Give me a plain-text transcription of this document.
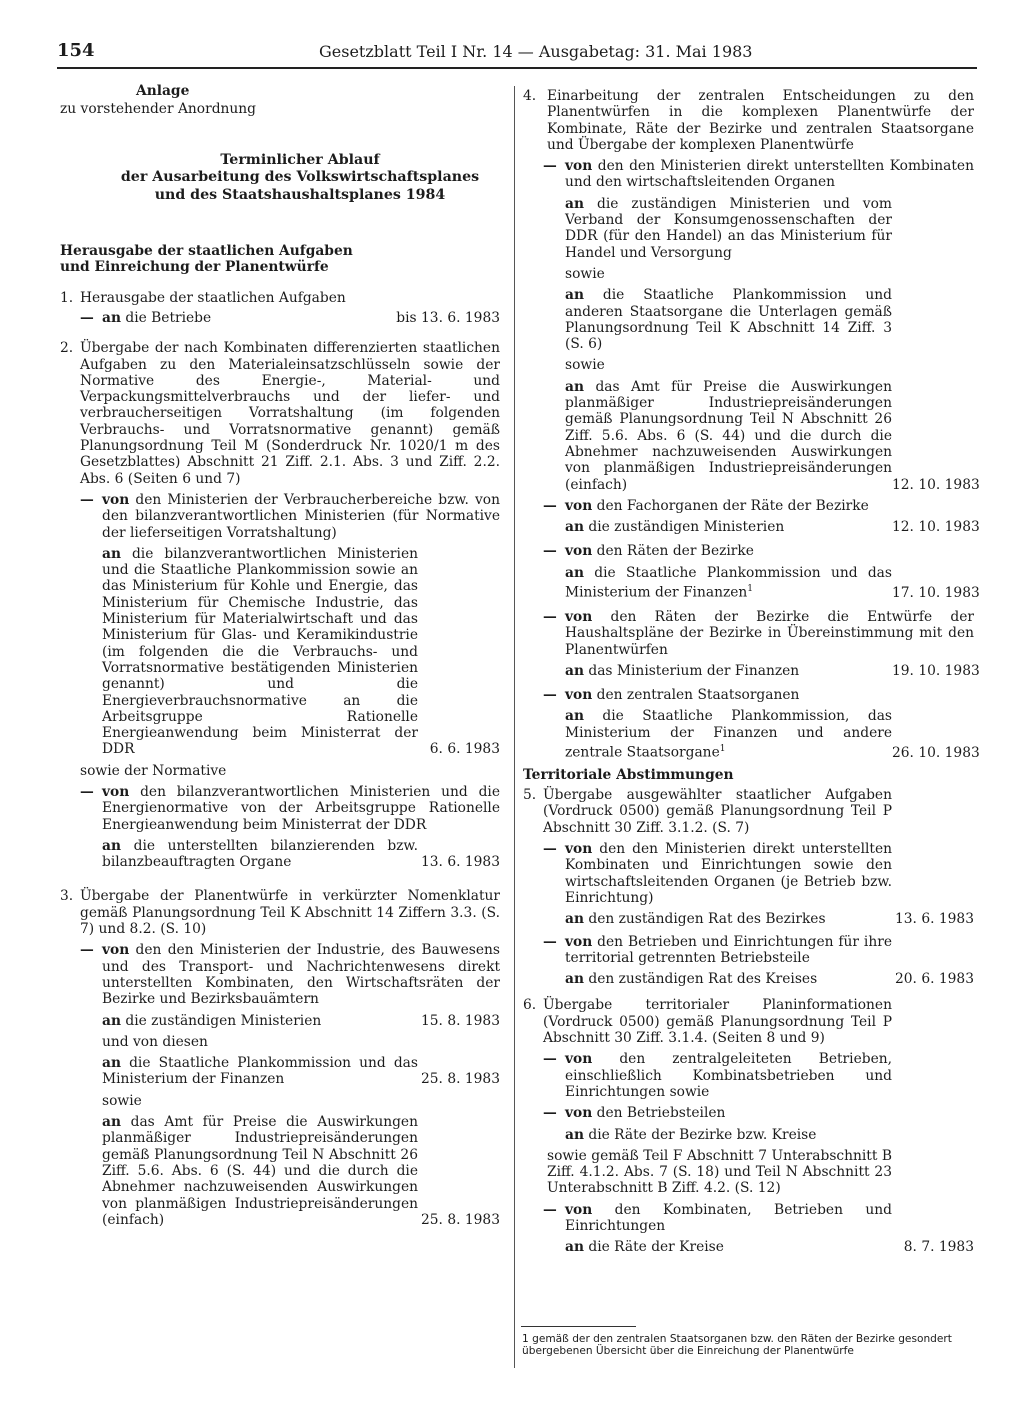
154	Gesetzblatt Teil I Nr. 14 — Ausgabetag: 31. Mai 1983
Anlage
zu vorstehender Anordnung
Terminlicher Ablauf
der Ausarbeitung des Volkswirtschaftsplanes
und des Staatshaushaltsplanes 1984
Herausgabe der staatlichen Aufgaben
und Einreichung der Planentwürfe
1. Herausgabe der staatlichen Aufgaben
— an die Betriebe	bis 13. 6. 1983
2. Übergabe der nach Kombinaten differenzierten staatlichen Aufgaben zu den Materialeinsatzschlüsseln sowie der Normative des Energie-, Material- und Verpackungsmittelverbrauchs und der liefer- und verbraucherseitigen Vorratshaltung (im folgenden Verbrauchs- und Vorratsnormative genannt) gemäß Planungsordnung Teil M (Sonderdruck Nr. 1020/1 m des Gesetzblattes) Abschnitt 21 Ziff. 2.1. Abs. 3 und Ziff. 2.2. Abs. 6 (Seiten 6 und 7)
— von den Ministerien der Verbraucherbereiche bzw. von den bilanzverantwortlichen Ministerien (für Normative der lieferseitigen Vorratshaltung)
an die bilanzverantwortlichen Ministerien und die Staatliche Plankommission sowie an das Ministerium für Kohle und Energie, das Ministerium für Chemische Industrie, das Ministerium für Materialwirtschaft und das Ministerium für Glas- und Keramikindustrie (im folgenden die die Verbrauchs- und Vorratsnormative bestätigenden Ministerien genannt) und die Energieverbrauchsnormative an die Arbeitsgruppe Rationelle Energieanwendung beim Ministerrat der DDR	6. 6. 1983
sowie der Normative
— von den bilanzverantwortlichen Ministerien und die Energienormative von der Arbeitsgruppe Rationelle Energieanwendung beim Ministerrat der DDR
an die unterstellten bilanzierenden bzw. bilanzbeauftragten Organe	13. 6. 1983
3. Übergabe der Planentwürfe in verkürzter Nomenklatur gemäß Planungsordnung Teil K Abschnitt 14 Ziffern 3.3. (S. 7) und 8.2. (S. 10)
— von den den Ministerien der Industrie, des Bauwesens und des Transport- und Nachrichtenwesens direkt unterstellten Kombinaten, den Wirtschaftsräten der Bezirke und Bezirksbauämtern
an die zuständigen Ministerien	15. 8. 1983
und von diesen
an die Staatliche Plankommission und das Ministerium der Finanzen	25. 8. 1983
sowie
an das Amt für Preise die Auswirkungen planmäßiger Industriepreisänderungen gemäß Planungsordnung Teil N Abschnitt 26 Ziff. 5.6. Abs. 6 (S. 44) und die durch die Abnehmer nachzuweisenden Auswirkungen von planmäßigen Industriepreisänderungen (einfach)	25. 8. 1983
4. Einarbeitung der zentralen Entscheidungen zu den Planentwürfen in die komplexen Planentwürfe der Kombinate, Räte der Bezirke und zentralen Staatsorgane und Übergabe der komplexen Planentwürfe
— von den den Ministerien direkt unterstellten Kombinaten und den wirtschaftsleitenden Organen
an die zuständigen Ministerien und vom Verband der Konsumgenossenschaften der DDR (für den Handel) an das Ministerium für Handel und Versorgung
sowie
an die Staatliche Plankommission und anderen Staatsorgane die Unterlagen gemäß Planungsordnung Teil K Abschnitt 14 Ziff. 3 (S. 6)
sowie
an das Amt für Preise die Auswirkungen planmäßiger Industriepreisänderungen gemäß Planungsordnung Teil N Abschnitt 26 Ziff. 5.6. Abs. 6 (S. 44) und die durch die Abnehmer nachzuweisenden Auswirkungen von planmäßigen Industriepreisänderungen (einfach)	12. 10. 1983
— von den Fachorganen der Räte der Bezirke
an die zuständigen Ministerien	12. 10. 1983
— von den Räten der Bezirke
an die Staatliche Plankommission und das Ministerium der Finanzen$^1$	17. 10. 1983
— von den Räten der Bezirke die Entwürfe der Haushaltspläne der Bezirke in Übereinstimmung mit den Planentwürfen
an das Ministerium der Finanzen	19. 10. 1983
— von den zentralen Staatsorganen
an die Staatliche Plankommission, das Ministerium der Finanzen und andere zentrale Staatsorgane$^1$	26. 10. 1983
Territoriale Abstimmungen
5. Übergabe ausgewählter staatlicher Aufgaben (Vordruck 0500) gemäß Planungsordnung Teil P Abschnitt 30 Ziff. 3.1.2. (S. 7)
— von den den Ministerien direkt unterstellten Kombinaten und Einrichtungen sowie den wirtschaftsleitenden Organen (je Betrieb bzw. Einrichtung)
an den zuständigen Rat des Bezirkes	13. 6. 1983
— von den Betrieben und Einrichtungen für ihre territorial getrennten Betriebsteile
an den zuständigen Rat des Kreises	20. 6. 1983
6. Übergabe territorialer Planinformationen (Vordruck 0500) gemäß Planungsordnung Teil P Abschnitt 30 Ziff. 3.1.4. (Seiten 8 und 9)
— von den zentralgeleiteten Betrieben, einschließlich Kombinatsbetrieben und Einrichtungen sowie
— von den Betriebsteilen
an die Räte der Bezirke bzw. Kreise
sowie gemäß Teil F Abschnitt 7 Unterabschnitt B Ziff. 4.1.2. Abs. 7 (S. 18) und Teil N Abschnitt 23 Unterabschnitt B Ziff. 4.2. (S. 12)
— von den Kombinaten, Betrieben und Einrichtungen
an die Räte der Kreise	8. 7. 1983
1 gemäß der den zentralen Staatsorganen bzw. den Räten der Bezirke gesondert übergebenen Übersicht über die Einreichung der Planentwürfe
